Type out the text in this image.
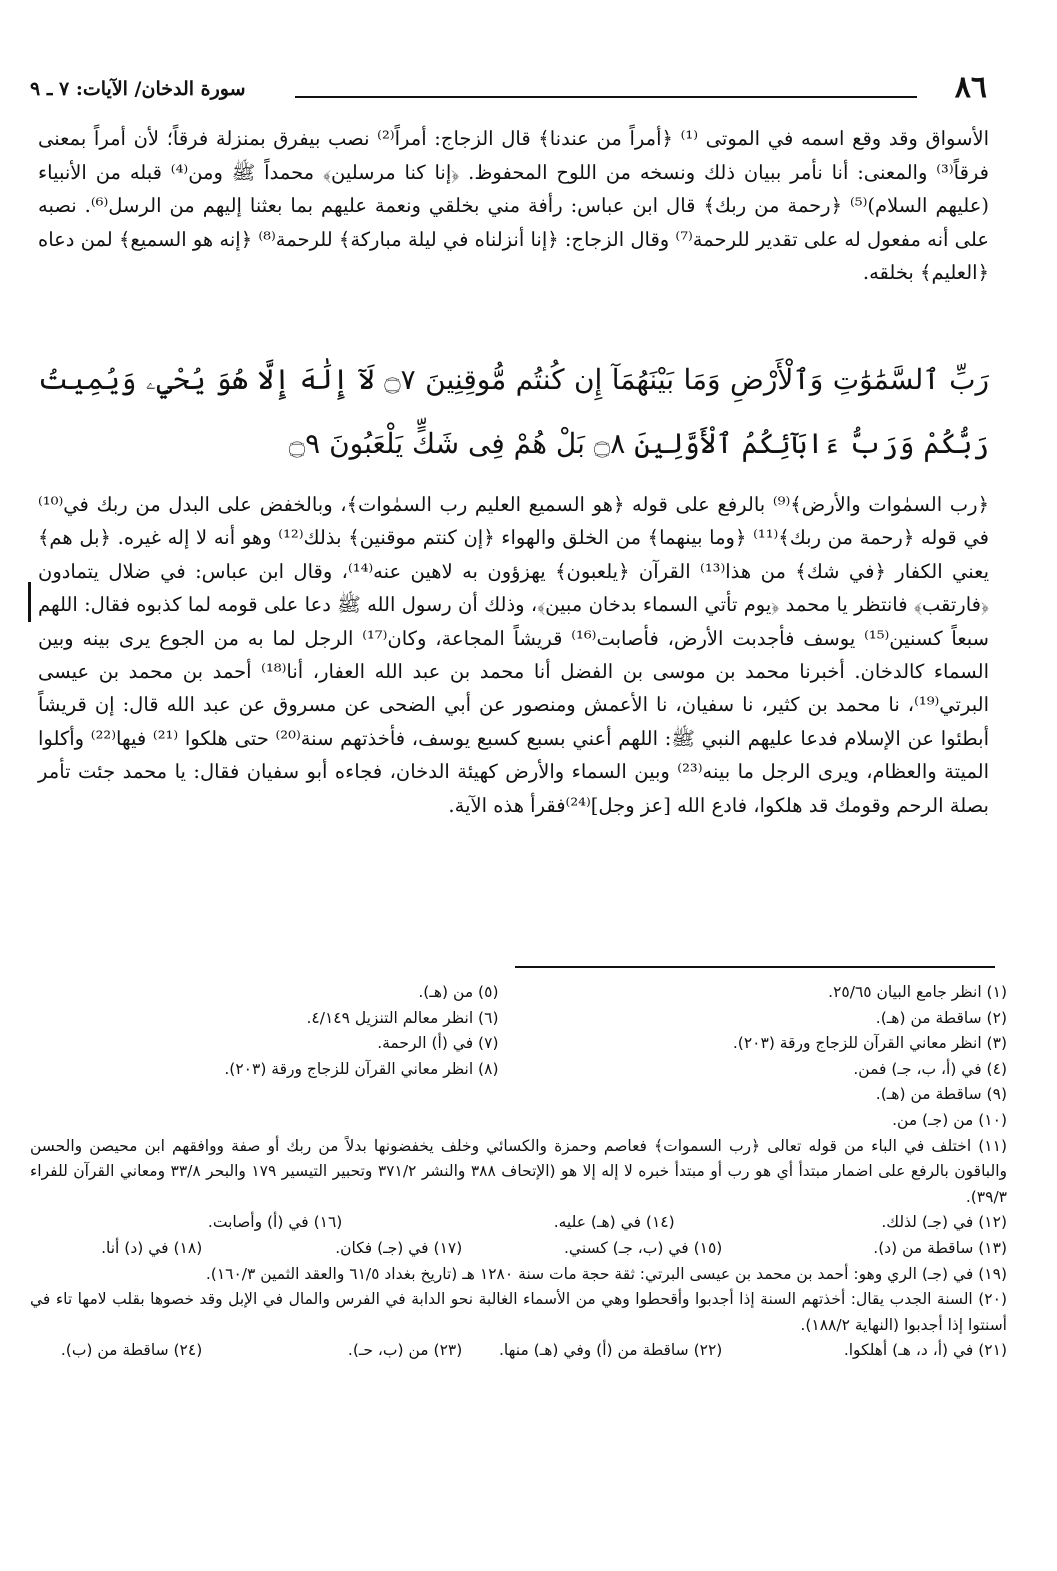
٨٦
سورة الدخان/ الآيات: ٧ ـ ٩

الأسواق وقد وقع اسمه في الموتى ⁽¹⁾ ﴿أمراً من عندنا﴾ قال الزجاج: أمراً⁽²⁾ نصب بيفرق بمنزلة فرقاً؛ لأن أمراً بمعنى فرقاً⁽³⁾ والمعنى: أنا نأمر ببيان ذلك ونسخه من اللوح المحفوظ. ﴿إنا كنا مرسلين﴾ محمداً ﷺ ومن⁽⁴⁾ قبله من الأنبياء (عليهم السلام)⁽⁵⁾ ﴿رحمة من ربك﴾ قال ابن عباس: رأفة مني بخلقي ونعمة عليهم بما بعثنا إليهم من الرسل⁽⁶⁾. نصبه على أنه مفعول له على تقدير للرحمة⁽⁷⁾ وقال الزجاج: ﴿إنا أنزلناه في ليلة مباركة﴾ للرحمة⁽⁸⁾ ﴿إنه هو السميع﴾ لمن دعاه ﴿العليم﴾ بخلقه.

رَبِّ ٱلسَّمَٰوَٰتِ وَٱلْأَرْضِ وَمَا بَيْنَهُمَآ إِن كُنتُم مُّوقِنِينَ ۝٧ لَآ إِلَٰهَ إِلَّا هُوَ يُحْيِۦ وَيُمِيتُ رَبُّكُمْ وَرَبُّ ءَابَآئِكُمُ ٱلْأَوَّلِينَ ۝٨ بَلْ هُمْ فِى شَكٍّ يَلْعَبُونَ ۝٩
﴿رب السمٰوات والأرض﴾⁽⁹⁾ بالرفع على قوله ﴿هو السميع العليم رب السمٰوات﴾، وبالخفض على البدل من ربك في⁽¹⁰⁾ في قوله ﴿رحمة من ربك﴾⁽¹¹⁾ ﴿وما بينهما﴾ من الخلق والهواء ﴿إن كنتم موقنين﴾ بذلك⁽¹²⁾ وهو أنه لا إله غيره. ﴿بل هم﴾ يعني الكفار ﴿في شك﴾ من هذا⁽¹³⁾ القرآن ﴿يلعبون﴾ يهزؤون به لاهين عنه⁽¹⁴⁾، وقال ابن عباس: في ضلال يتمادون ﴿فارتقب﴾ فانتظر يا محمد ﴿يوم تأتي السماء بدخان مبين﴾، وذلك أن رسول الله ﷺ دعا على قومه لما كذبوه فقال: اللهم سبعاً كسنين⁽¹⁵⁾ يوسف فأجدبت الأرض، فأصابت⁽¹⁶⁾ قريشاً المجاعة، وكان⁽¹⁷⁾ الرجل لما به من الجوع يرى بينه وبين السماء كالدخان. أخبرنا محمد بن موسى بن الفضل أنا محمد بن عبد الله العفار، أنا⁽¹⁸⁾ أحمد بن محمد بن عيسى البرتي⁽¹⁹⁾، نا محمد بن كثير، نا سفيان، نا الأعمش ومنصور عن أبي الضحى عن مسروق عن عبد الله قال: إن قريشاً أبطئوا عن الإسلام فدعا عليهم النبي ﷺ: اللهم أعني بسبع كسبع يوسف، فأخذتهم سنة⁽²⁰⁾ حتى هلكوا ⁽²¹⁾ فيها⁽²²⁾ وأكلوا الميتة والعظام، ويرى الرجل ما بينه⁽²³⁾ وبين السماء والأرض كهيئة الدخان، فجاءه أبو سفيان فقال: يا محمد جئت تأمر بصلة الرحم وقومك قد هلكوا، فادع الله [عز وجل]⁽²⁴⁾فقرأ هذه الآية.
(١) انظر جامع البيان ٢٥/٦٥.
(٥) من (هـ).
(٢) ساقطة من (هـ).
(٦) انظر معالم التنزيل ٤/١٤٩.
(٣) انظر معاني القرآن للزجاج ورقة (٢٠٣).
(٧) في (أ) الرحمة.
(٤) في (أ، ب، جـ) فمن.
(٨) انظر معاني القرآن للزجاج ورقة (٢٠٣).
(٩) ساقطة من (هـ).
(١٠) من (جـ) من.
(١١) اختلف في الباء من قوله تعالى ﴿رب السموات﴾ فعاصم وحمزة والكسائي وخلف يخفضونها بدلاً من ربك أو صفة ووافقهم ابن محيصن والحسن والباقون بالرفع على اضمار مبتدأ أي هو رب أو مبتدأ خبره لا إله إلا هو (الإتحاف ٣٨٨ والنشر ٣٧١/٢ وتحبير التيسير ١٧٩ والبحر ٣٣/٨ ومعاني القرآن للفراء ٣٩/٣).
(١٢) في (جـ) لذلك.
(١٤) في (هـ) عليه.
(١٦) في (أ) وأصابت.
(١٣) ساقطة من (د).
(١٥) في (ب، جـ) كسني.
(١٧) في (جـ) فكان.
(١٨) في (د) أنا.
(١٩) في (جـ) الري وهو: أحمد بن محمد بن عيسى البرتي: ثقة حجة مات سنة ١٢٨٠ هـ (تاريخ بغداد ٦١/٥ والعقد الثمين ١٦٠/٣).
(٢٠) السنة الجدب يقال: أخذتهم السنة إذا أجدبوا وأقحطوا وهي من الأسماء الغالبة نحو الدابة في الفرس والمال في الإبل وقد خصوها بقلب لامها تاء في أسنتوا إذا أجدبوا (النهاية ١٨٨/٢).
(٢١) في (أ، د، هـ) أهلكوا.
(٢٢) ساقطة من (أ) وفي (هـ) منها.
(٢٣) من (ب، حـ).
(٢٤) ساقطة من (ب).
